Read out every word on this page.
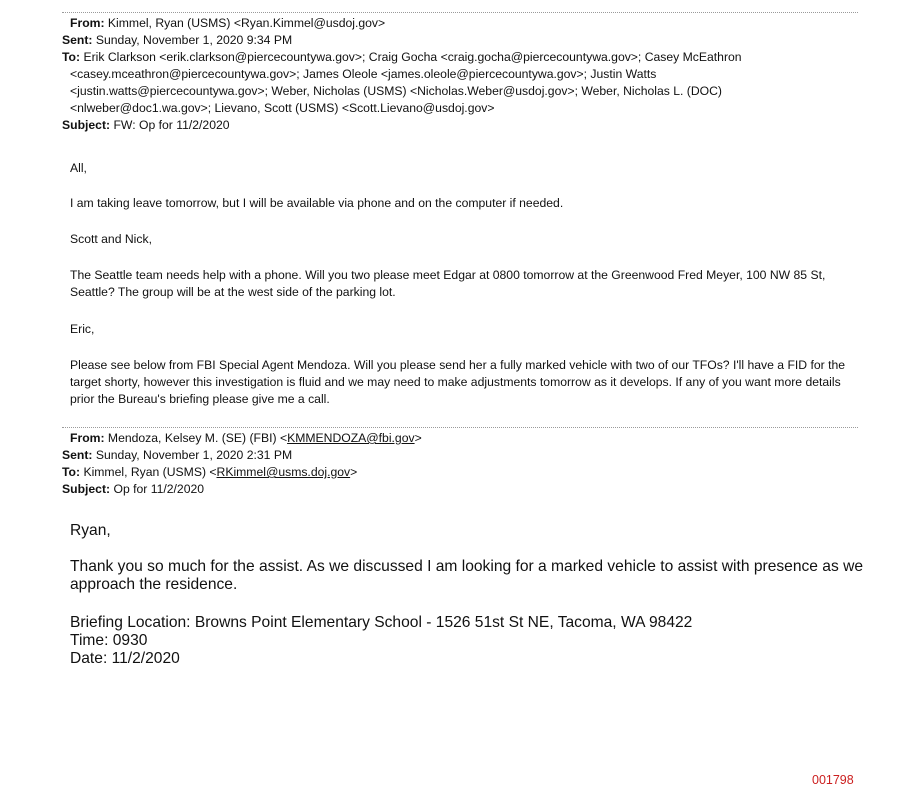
From: Kimmel, Ryan (USMS) <Ryan.Kimmel@usdoj.gov>
Sent: Sunday, November 1, 2020 9:34 PM
To: Erik Clarkson <erik.clarkson@piercecountywa.gov>; Craig Gocha <craig.gocha@piercecountywa.gov>; Casey McEathron
<casey.mceathron@piercecountywa.gov>; James Oleole <james.oleole@piercecountywa.gov>; Justin Watts
<justin.watts@piercecountywa.gov>; Weber, Nicholas (USMS) <Nicholas.Weber@usdoj.gov>; Weber, Nicholas L. (DOC)
<nlweber@doc1.wa.gov>; Lievano, Scott (USMS) <Scott.Lievano@usdoj.gov>
Subject: FW: Op for 11/2/2020
All,
I am taking leave tomorrow, but I will be available via phone and on the computer if needed.
Scott and Nick,
The Seattle team needs help with a phone. Will you two please meet Edgar at 0800 tomorrow at the Greenwood Fred Meyer, 100 NW 85 St, Seattle? The group will be at the west side of the parking lot.
Eric,
Please see below from FBI Special Agent Mendoza. Will you please send her a fully marked vehicle with two of our TFOs? I'll have a FID for the target shorty, however this investigation is fluid and we may need to make adjustments tomorrow as it develops. If any of you want more details prior the Bureau's briefing please give me a call.
From: Mendoza, Kelsey M. (SE) (FBI) <KMMENDOZA@fbi.gov>
Sent: Sunday, November 1, 2020 2:31 PM
To: Kimmel, Ryan (USMS) <RKimmel@usms.doj.gov>
Subject: Op for 11/2/2020
Ryan,
Thank you so much for the assist. As we discussed I am looking for a marked vehicle to assist with presence as we approach the residence.
Briefing Location: Browns Point Elementary School - 1526 51st St NE, Tacoma, WA 98422
Time: 0930
Date: 11/2/2020
001798
